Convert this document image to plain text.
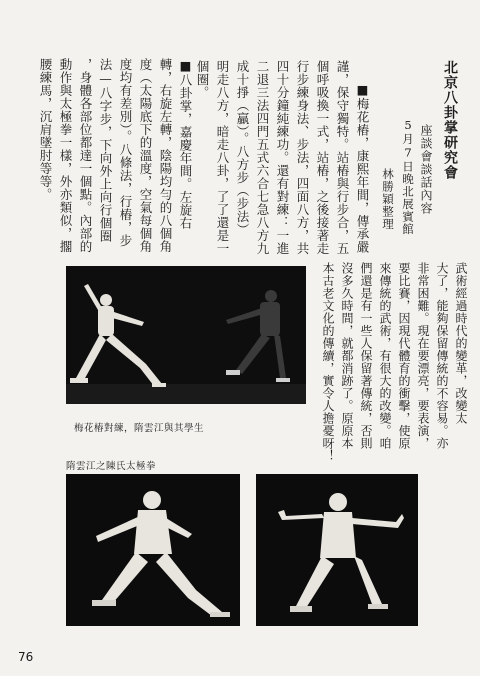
北京八卦掌研究會
座談會談話內容
5月7日晚北展賓館
林勝穎整理
■梅花樁，康熙年間，傳承嚴
謹，保守獨特。站樁與行步合，五
個呼吸換一式，站樁，之後接著走
行步練身法、步法，四面八方，共
四十分鐘純練功。還有對練：一進
二退三法四門五式六合七急八方九
成十掙（贏）。八方步（步法）
明走八方，暗走八卦，了了還是一
個圈。
■八卦掌，嘉慶年間。左旋右
轉，右旋左轉，陰陽均勻的八個角
度（太陽底下的溫度，空氣每個角
度均有差別）。八條法，行樁，步
法—八字步，下向外上向行個圈
，身體各部位都達一個點。內部的
動作與太極拳一樣，外亦類似，擱
腰練馬，沉肩墜肘等等。
武術經過時代的變革，改變太
大了，能夠保留傳統的不容易。亦
非常困難。現在要漂亮，要表演，
要比賽，因現代體育的衝擊，使原
來傳統的武術，有很大的改變。咱
們還是有一些人保留著傳統，否則
沒多久時間，就都消跡了。原原本
本古老文化的傳續，實令人擔憂呀！
梅花樁對練，隋雲江與其學生
隋雲江之陳氏太極拳
76
